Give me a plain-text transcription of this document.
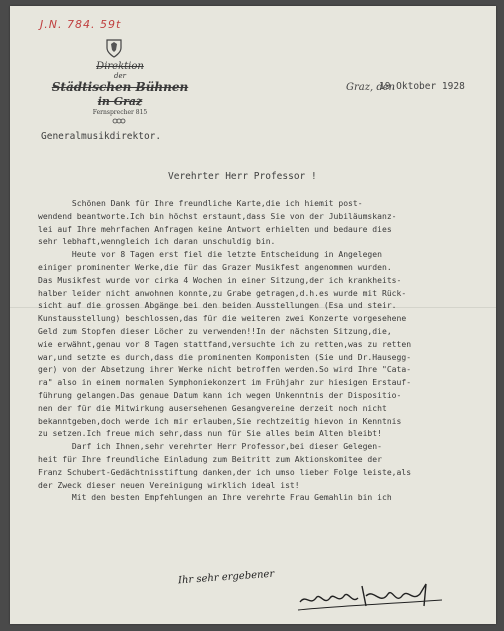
J.N. 784. 59t
Direktion
der
Städtischen Bühnen
in Graz
Fernsprecher 815
Graz, den
19.Oktober 1928
Generalmusikdirektor.
Verehrter Herr Professor !
Schönen Dank für Ihre freundliche Karte,die ich hiemit post-
wendend beantworte.Ich bin höchst erstaunt,dass Sie von der Jubiläumskanz-
lei auf Ihre mehrfachen Anfragen keine Antwort erhielten und bedaure dies
sehr lebhaft,wenngleich ich daran unschuldig bin.
Heute vor 8 Tagen erst fiel die letzte Entscheidung in Angelegen
einiger prominenter Werke,die für das Grazer Musikfest angenommen wurden.
Das Musikfest wurde vor cirka 4 Wochen in einer Sitzung,der ich krankheits-
halber leider nicht anwohnen konnte,zu Grabe getragen,d.h.es wurde mit Rück-
sicht auf die grossen Abgänge bei den beiden Ausstellungen (Esa und steir.
Kunstausstellung) beschlossen,das für die weiteren zwei Konzerte vorgesehene
Geld zum Stopfen dieser Löcher zu verwenden!!In der nächsten Sitzung,die,
wie erwähnt,genau vor 8 Tagen stattfand,versuchte ich zu retten,was zu retten
war,und setzte es durch,dass die prominenten Komponisten (Sie und Dr.Hausegg-
ger) von der Absetzung ihrer Werke nicht betroffen werden.So wird Ihre "Cata-
ra" also in einem normalen Symphoniekonzert im Frühjahr zur hiesigen Erstauf-
führung gelangen.Das genaue Datum kann ich wegen Unkenntnis der Dispositio-
nen der für die Mitwirkung ausersehenen Gesangvereine derzeit noch nicht
bekanntgeben,doch werde ich mir erlauben,Sie rechtzeitig hievon in Kenntnis
zu setzen.Ich freue mich sehr,dass nun für Sie alles beim Alten bleibt!
Darf ich Ihnen,sehr verehrter Herr Professor,bei dieser Gelegen-
heit für Ihre freundliche Einladung zum Beitritt zum Aktionskomitee der
Franz Schubert-Gedächtnisstiftung danken,der ich umso lieber Folge leiste,als
der Zweck dieser neuen Vereinigung wirklich ideal ist!
Mit den besten Empfehlungen an Ihre verehrte Frau Gemahlin bin ich
Ihr sehr ergebener
